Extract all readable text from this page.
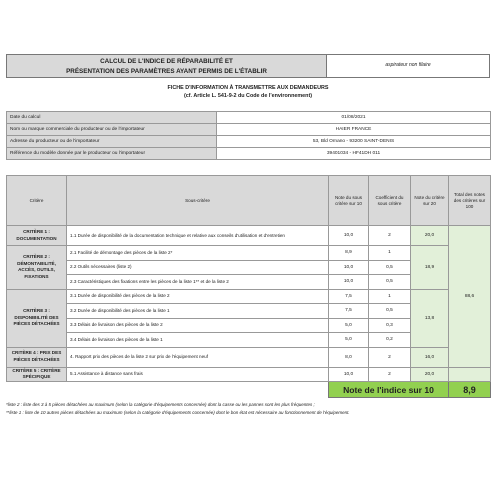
CALCUL DE L'INDICE DE RÉPARABILITÉ ET
PRÉSENTATION DES PARAMÈTRES AYANT PERMIS DE L'ÉTABLIR
aspirateur non filaire
FICHE D'INFORMATION À TRANSMETTRE AUX DEMANDEURS
(cf. Article L. 541-9-2 du Code de l'environnement)
Date du calcul	01/08/2021
Nom ou marque commerciale du producteur ou de l'importateur	HAIER FRANCE
Adresse du producteur ou de l'importateur	53, Bld Ornano - 93200 SAINT-DENIS
Référence du modèle donnée par le producteur ou l'importateur	39401034 - HF41DH 011
Critère	Sous-critère	Note du sous critère sur 10	Coefficient du sous critère	Note du critère sur 20	Total des notes des critères sur 100
CRITÈRE 1 : DOCUMENTATION	1.1 Durée de disponibilité de la documentation technique et relative aux conseils d'utilisation et d'entretien	10,0	2	20,0	88,6
CRITÈRE 2 : DÉMONTABILITÉ, ACCÈS, OUTILS, FIXATIONS	2.1 Facilité de démontage des pièces de la liste 2*	8,9	1	18,9	
	2.2 Outils nécessaires (liste 2)	10,0	0,5		
	2.3 Caractéristiques des fixations entre les pièces de la liste 1** et de la liste 2	10,0	0,5		
CRITÈRE 3 : DISPONIBILITÉ DES PIÈCES DÉTACHÉES	3.1 Durée de disponibilité des pièces de la liste 2	7,5	1	13,8	
	3.2 Durée de disponibilité des pièces de la liste 1	7,5	0,5		
	3.3 Délais de livraison des pièces de la liste 2	5,0	0,3		
	3.4 Délais de livraison des pièces de la liste 1	5,0	0,2		
CRITÈRE 4 : PRIX DES PIÈCES DÉTACHÉES	4. Rapport prix des pièces de la liste 2 sur prix de l'équipement neuf	8,0	2	16,0	
CRITÈRE 5 : CRITÈRE SPÉCIFIQUE	5.1 Assistance à distance sans frais	10,0	2	20,0	
		Note de l'indice sur 10			8,9
*liste 2 : liste des 3 à 5 pièces détachées au maximum (selon la catégorie d'équipements concernée) dont la casse ou les pannes sont les plus fréquentes ;
**liste 1 : liste de 10 autres pièces détachées au maximum (selon la catégorie d'équipements concernée) dont le bon état est nécessaire au fonctionnement de l'équipement.
